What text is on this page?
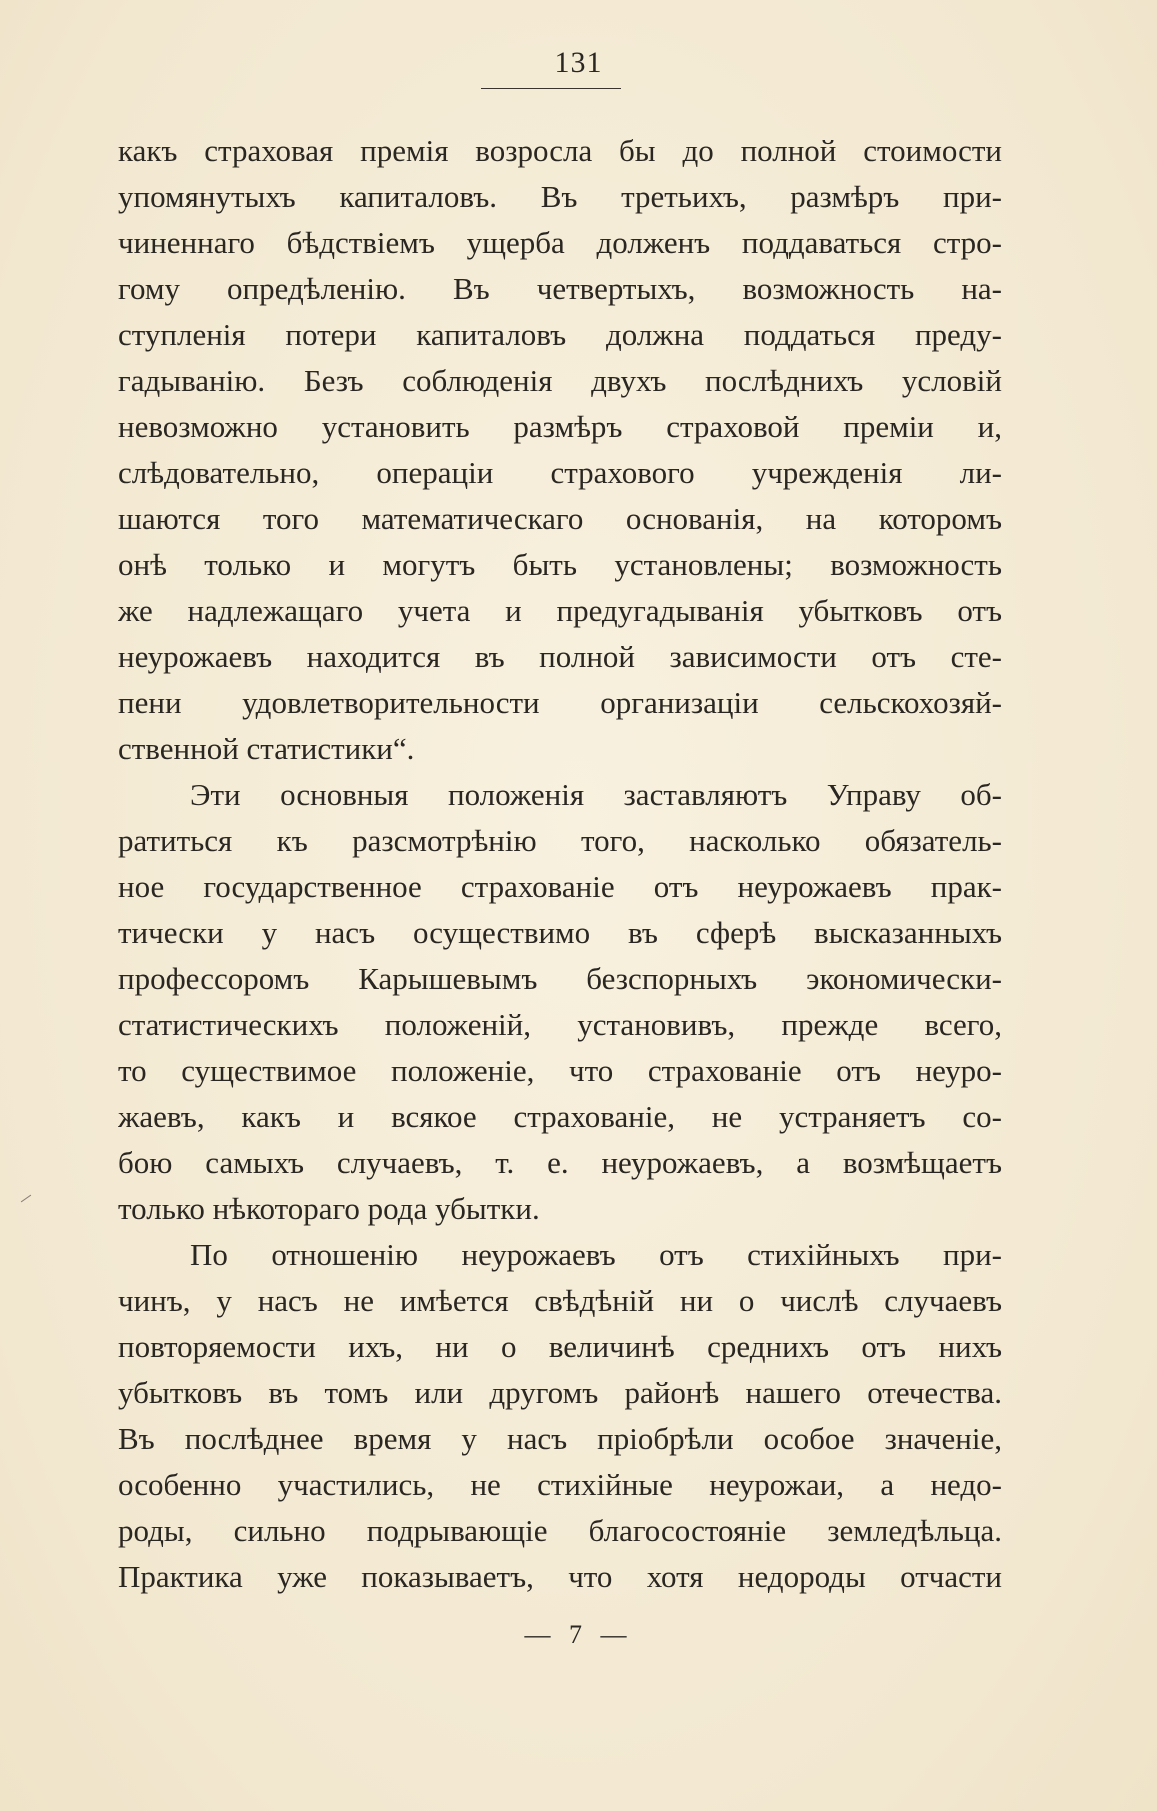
131
какъ страховая премія возросла бы до полной стоимости
упомянутыхъ капиталовъ. Въ третьихъ, размѣръ при-
чиненнаго бѣдствіемъ ущерба долженъ поддаваться стро-
гому опредѣленію. Въ четвертыхъ, возможность на-
ступленія потери капиталовъ должна поддаться преду-
гадыванію. Безъ соблюденія двухъ послѣднихъ условій
невозможно установить размѣръ страховой преміи и,
слѣдовательно, операціи страхового учрежденія ли-
шаются того математическаго основанія, на которомъ
онѣ только и могутъ быть установлены; возможность
же надлежащаго учета и предугадыванія убытковъ отъ
неурожаевъ находится въ полной зависимости отъ сте-
пени удовлетворительности организаціи сельскохозяй-
ственной статистики“.
Эти основныя положенія заставляютъ Управу об-
ратиться къ разсмотрѣнію того, насколько обязатель-
ное государственное страхованіе отъ неурожаевъ прак-
тически у насъ осуществимо въ сферѣ высказанныхъ
профессоромъ Карышевымъ безспорныхъ экономически-
статистическихъ положеній, установивъ, прежде всего,
то существимое положеніе, что страхованіе отъ неуро-
жаевъ, какъ и всякое страхованіе, не устраняетъ со-
бою самыхъ случаевъ, т. е. неурожаевъ, а возмѣщаетъ
только нѣкотораго рода убытки.
По отношенію неурожаевъ отъ стихійныхъ при-
чинъ, у насъ не имѣется свѣдѣній ни о числѣ случаевъ
повторяемости ихъ, ни о величинѣ среднихъ отъ нихъ
убытковъ въ томъ или другомъ районѣ нашего отечества.
Въ послѣднее время у насъ пріобрѣли особое значеніе,
особенно участились, не стихійные неурожаи, а недо-
роды, сильно подрывающіе благосостояніе земледѣльца.
Практика уже показываетъ, что хотя недороды отчасти
— 7 —
